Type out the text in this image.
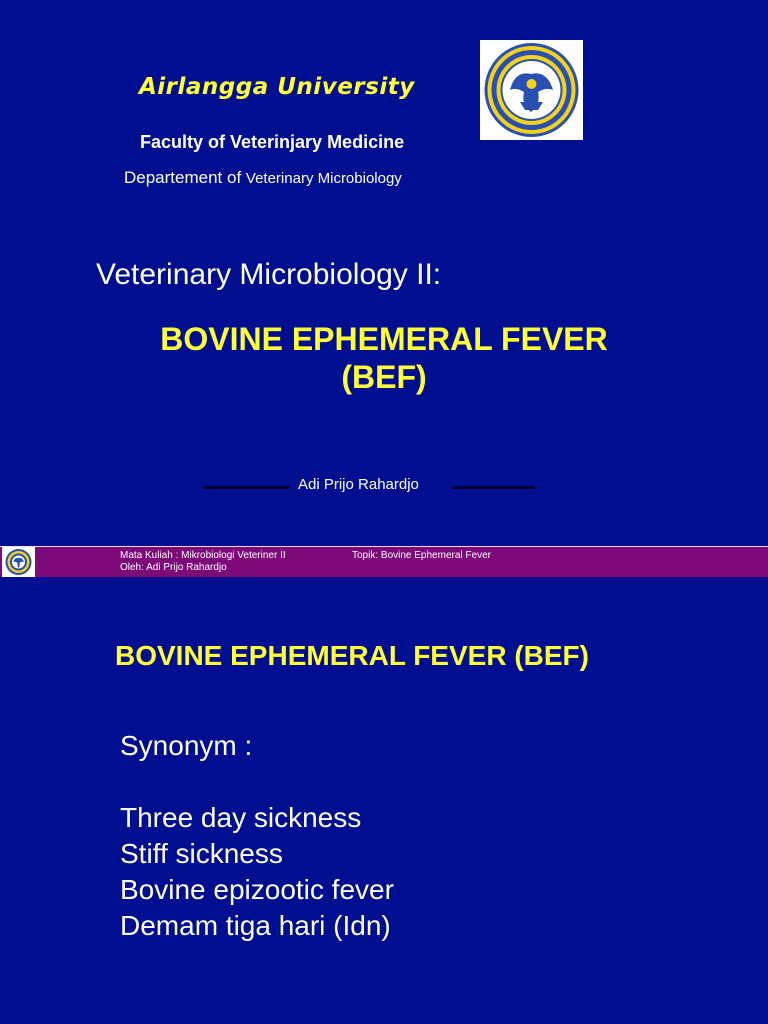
Airlangga University
Faculty of Veterinjary Medicine
Departement of Veterinary Microbiology
Veterinary Microbiology II:
BOVINE EPHEMERAL FEVER
(BEF)
Adi Prijo Rahardjo
Mata Kuliah : Mikrobiologi Veteriner II	Topik: Bovine Ephemeral Fever
Oleh: Adi Prijo Rahardjo
BOVINE EPHEMERAL FEVER (BEF)
Synonym :
Three day sickness
Stiff sickness
Bovine epizootic fever
Demam tiga hari (Idn)
